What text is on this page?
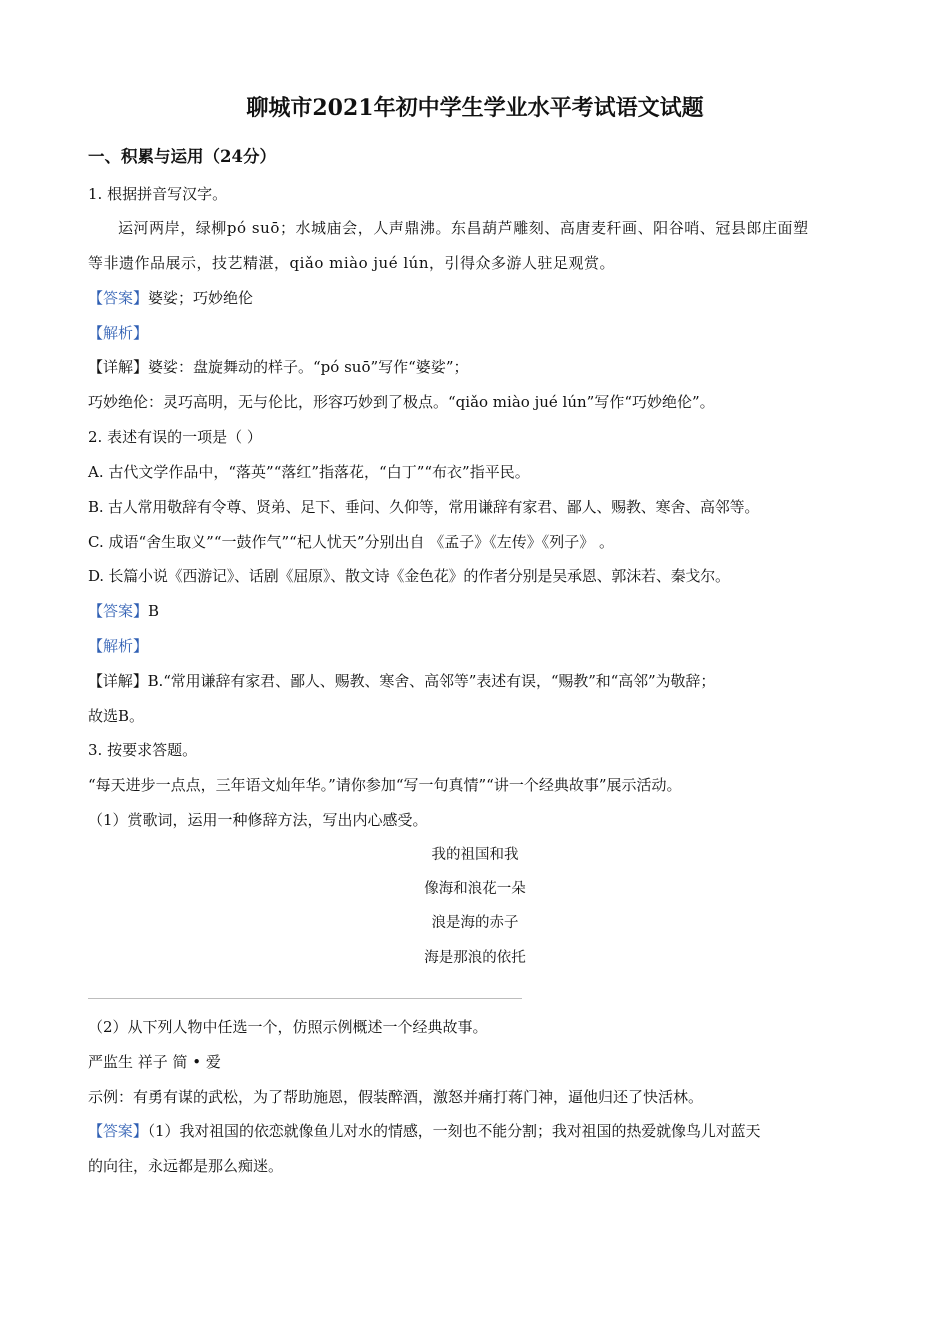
聊城市2021年初中学生学业水平考试语文试题
一、积累与运用（24分）
1. 根据拼音写汉字。
运河两岸，绿柳pó suō；水城庙会，人声鼎沸。东昌葫芦雕刻、高唐麦秆画、阳谷哨、冠县郎庄面塑
等非遗作品展示，技艺精湛，qiǎo miào jué lún，引得众多游人驻足观赏。
【答案】婆娑；巧妙绝伦
【解析】
【详解】婆娑：盘旋舞动的样子。“pó suō”写作“婆娑”；
巧妙绝伦：灵巧高明，无与伦比，形容巧妙到了极点。“qiǎo miào jué lún”写作“巧妙绝伦”。
2. 表述有误的一项是（ ）
A. 古代文学作品中，“落英”“落红”指落花，“白丁”“布衣”指平民。
B. 古人常用敬辞有令尊、贤弟、足下、垂问、久仰等，常用谦辞有家君、鄙人、赐教、寒舍、高邻等。
C. 成语“舍生取义”“一鼓作气”“杞人忧天”分别出自 《孟子》《左传》《列子》 。
D. 长篇小说《西游记》、话剧《屈原》、散文诗《金色花》的作者分别是吴承恩、郭沫若、秦戈尔。
【答案】B
【解析】
【详解】B.“常用谦辞有家君、鄙人、赐教、寒舍、高邻等”表述有误，“赐教”和“高邻”为敬辞；
故选B。
3. 按要求答题。
“每天进步一点点，三年语文灿年华。”请你参加“写一句真情”“讲一个经典故事”展示活动。
（1）赏歌词，运用一种修辞方法，写出内心感受。
我的祖国和我
像海和浪花一朵
浪是海的赤子
海是那浪的依托
（2）从下列人物中任选一个，仿照示例概述一个经典故事。
严监生 祥子 简 • 爱
示例：有勇有谋的武松，为了帮助施恩，假装醉酒，激怒并痛打蒋门神，逼他归还了快活林。
【答案】（1）我对祖国的依恋就像鱼儿对水的情感，一刻也不能分割；我对祖国的热爱就像鸟儿对蓝天
的向往，永远都是那么痴迷。
